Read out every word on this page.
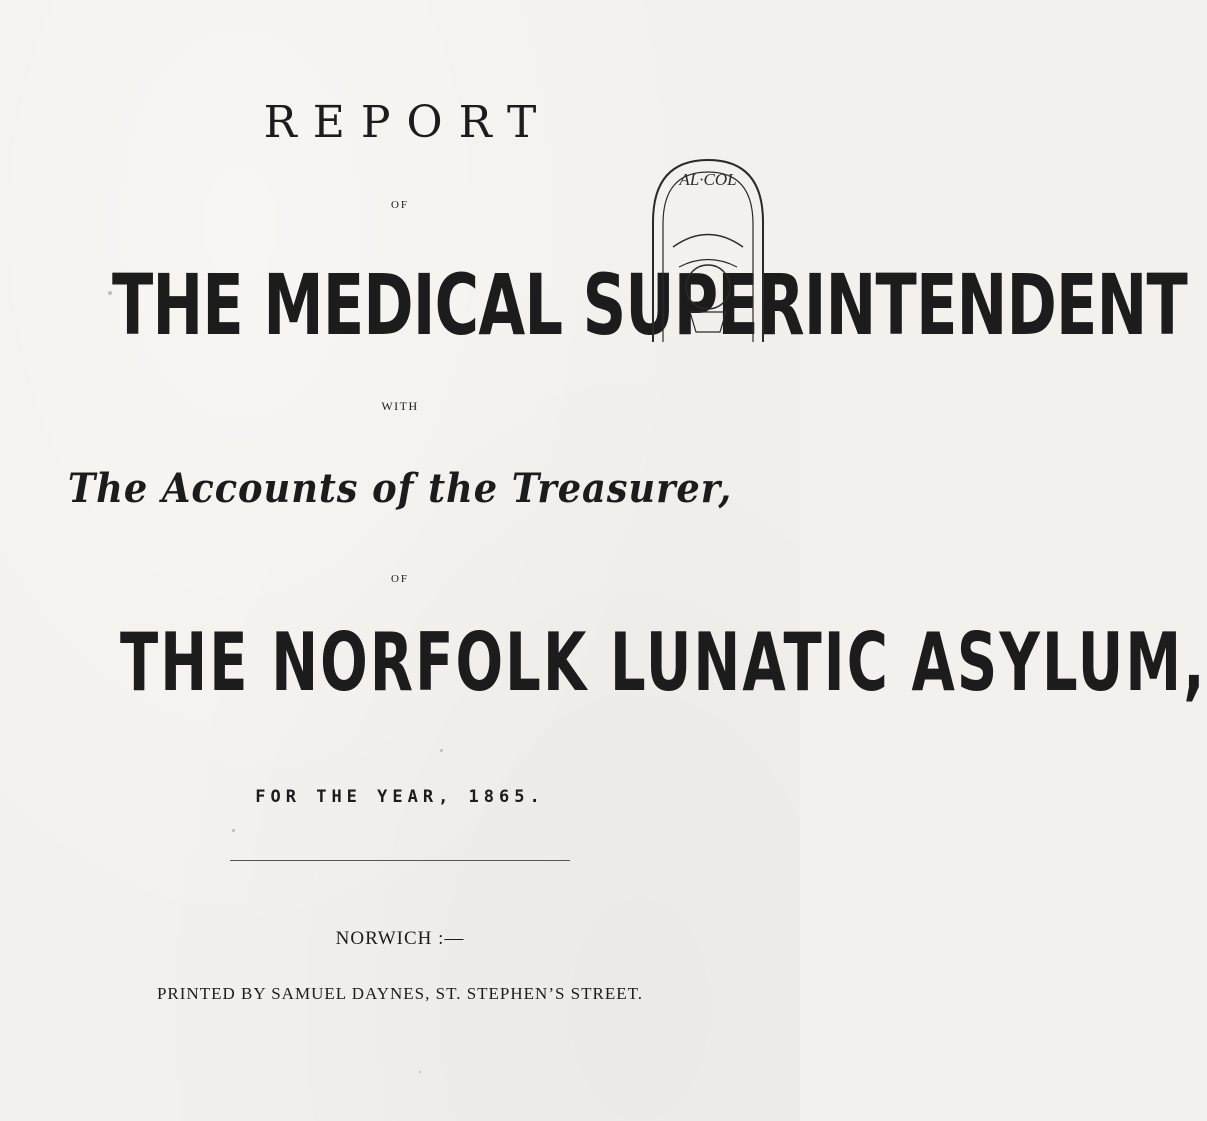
REPORT
OF
THE MEDICAL SUPERINTENDENT
AL·COL
WITH
The Accounts of the Treasurer,
OF
THE NORFOLK LUNATIC ASYLUM,
FOR THE YEAR, 1865.
NORWICH :—
PRINTED BY SAMUEL DAYNES, ST. STEPHEN’S STREET.
